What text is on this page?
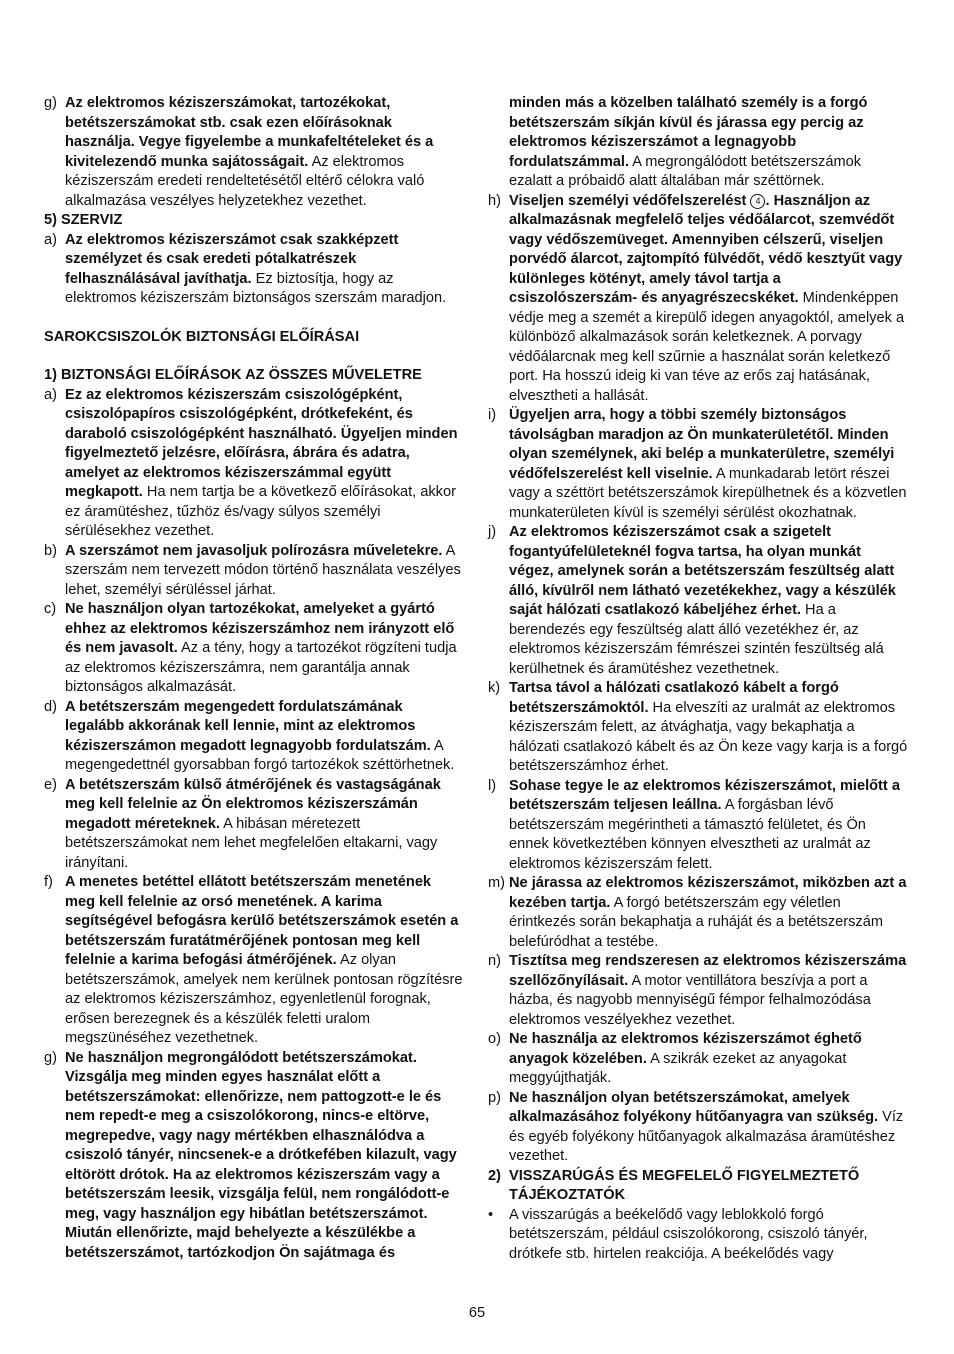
g) Az elektromos kéziszerszámokat, tartozékokat, betétszerszámokat stb. csak ezen előírásoknak használja. Vegye figyelembe a munkafeltételeket és a kivitelezendő munka sajátosságait. Az elektromos kéziszerszám eredeti rendeltetésétől eltérő célokra való alkalmazása veszélyes helyzetekhez vezethet.
5) SZERVIZ
a) Az elektromos kéziszerszámot csak szakképzett személyzet és csak eredeti pótalkatrészek felhasználásával javíthatja. Ez biztosítja, hogy az elektromos kéziszerszám biztonságos szerszám maradjon.
SAROKCSISZOLÓK BIZTONSÁGI ELŐÍRÁSAI
1) BIZTONSÁGI ELŐÍRÁSOK AZ ÖSSZES MŰVELETRE
a) Ez az elektromos kéziszerszám csiszológépként, csiszolópapíros csiszológépként, drótkefeként, és daraboló csiszológépként használható. Ügyeljen minden figyelmeztető jelzésre, előírásra, ábrára és adatra, amelyet az elektromos kéziszerszámmal együtt megkapott. Ha nem tartja be a következő előírásokat, akkor ez áramütéshez, tűzhöz és/vagy súlyos személyi sérülésekhez vezethet.
b) A szerszámot nem javasoljuk polírozásra műveletekre. A szerszám nem tervezett módon történő használata veszélyes lehet, személyi sérüléssel járhat.
c) Ne használjon olyan tartozékokat, amelyeket a gyártó ehhez az elektromos kéziszerszámhoz nem irányzott elő és nem javasolt. Az a tény, hogy a tartozékot rögzíteni tudja az elektromos kéziszerszámra, nem garantálja annak biztonságos alkalmazását.
d) A betétszerszám megengedett fordulatszámának legalább akkorának kell lennie, mint az elektromos kéziszerszámon megadott legnagyobb fordulatszám. A megengedettnél gyorsabban forgó tartozékok széttörhetnek.
e) A betétszerszám külső átmérőjének és vastagságának meg kell felelnie az Ön elektromos kéziszerszámán megadott méreteknek. A hibásan méretezett betétszerszámokat nem lehet megfelelően eltakarni, vagy irányítani.
f) A menetes betéttel ellátott betétszerszám menetének meg kell felelnie az orsó menetének. A karima segítségével befogásra kerülő betétszerszámok esetén a betétszerszám furatátmérőjének pontosan meg kell felelnie a karima befogási átmérőjének. Az olyan betétszerszámok, amelyek nem kerülnek pontosan rögzítésre az elektromos kéziszerszámhoz, egyenletlenül forognak, erősen berezegnek és a készülék feletti uralom megszünéséhez vezethetnek.
g) Ne használjon megrongálódott betétszerszámokat. Vizsgálja meg minden egyes használat előtt a betétszerszámokat: ellenőrizze, nem pattogzott-e le és nem repedt-e meg a csiszolókorong, nincs-e eltörve, megrepedve, vagy nagy mértékben elhasználódva a csiszoló tányér, nincsenek-e a drótkefében kilazult, vagy eltörött drótok. Ha az elektromos kéziszerszám vagy a betétszerszám leesik, vizsgálja felül, nem rongálódott-e meg, vagy használjon egy hibátlan betétszerszámot. Miután ellenőrizte, majd behelyezte a készülékbe a betétszerszámot, tartózkodjon Ön sajátmaga és
minden más a közelben található személy is a forgó betétszerszám síkján kívül és járassa egy percig az elektromos kéziszerszámot a legnagyobb fordulatszámmal. A megrongálódott betétszerszámok ezalatt a próbaidő alatt általában már széttörnek.
h) Viseljen személyi védőfelszerelést 4 . Használjon az alkalmazásnak megfelelő teljes védőálarcot, szemvédőt vagy védőszemüveget. Amennyiben célszerű, viseljen porvédő álarcot, zajtompító fülvédőt, védő kesztyűt vagy különleges kötényt, amely távol tartja a csiszolószerszám- és anyagrészecskéket. Mindenképpen védje meg a szemét a kirepülő idegen anyagoktól, amelyek a különböző alkalmazások során keletkeznek. A porvagy védőálarcnak meg kell szűrnie a használat során keletkező port. Ha hosszú ideig ki van téve az erős zaj hatásának, elvesztheti a hallását.
i) Ügyeljen arra, hogy a többi személy biztonságos távolságban maradjon az Ön munkaterületétől. Minden olyan személynek, aki belép a munkaterületre, személyi védőfelszerelést kell viselnie. A munkadarab letört részei vagy a széttört betétszerszámok kirepülhetnek és a közvetlen munkaterületen kívül is személyi sérülést okozhatnak.
j) Az elektromos kéziszerszámot csak a szigetelt fogantyúfelületeknél fogva tartsa, ha olyan munkát végez, amelynek során a betétszerszám feszültség alatt álló, kívülről nem látható vezetékekhez, vagy a készülék saját hálózati csatlakozó kábeljéhez érhet. Ha a berendezés egy feszültség alatt álló vezetékhez ér, az elektromos kéziszerszám fémrészei szintén feszültség alá kerülhetnek és áramütéshez vezethetnek.
k) Tartsa távol a hálózati csatlakozó kábelt a forgó betétszerszámoktól. Ha elveszíti az uralmát az elektromos kéziszerszám felett, az átvághatja, vagy bekaphatja a hálózati csatlakozó kábelt és az Ön keze vagy karja is a forgó betétszerszámhoz érhet.
l) Sohase tegye le az elektromos kéziszerszámot, mielőtt a betétszerszám teljesen leállna. A forgásban lévő betétszerszám megérintheti a támasztó felületet, és Ön ennek következtében könnyen elvesztheti az uralmát az elektromos kéziszerszám felett.
m) Ne járassa az elektromos kéziszerszámot, miközben azt a kezében tartja. A forgó betétszerszám egy véletlen érintkezés során bekaphatja a ruháját és a betétszerszám belefúródhat a testébe.
n) Tisztítsa meg rendszeresen az elektromos kéziszerszáma szellőzőnyílásait. A motor ventillátora beszívja a port a házba, és nagyobb mennyiségű fémpor felhalmozódása elektromos veszélyekhez vezethet.
o) Ne használja az elektromos kéziszerszámot éghető anyagok közelében. A szikrák ezeket az anyagokat meggyújthatják.
p) Ne használjon olyan betétszerszámokat, amelyek alkalmazásához folyékony hűtőanyagra van szükség. Víz és egyéb folyékony hűtőanyagok alkalmazása áramütéshez vezethet.
2) VISSZARÚGÁS ÉS MEGFELELŐ FIGYELMEZTETŐ TÁJÉKOZTATÓK
•	A visszarúgás a beékelődő vagy leblokkoló forgó betétszerszám, például csiszolókorong, csiszoló tányér, drótkefe stb. hirtelen reakciója. A beékelődés vagy
65
